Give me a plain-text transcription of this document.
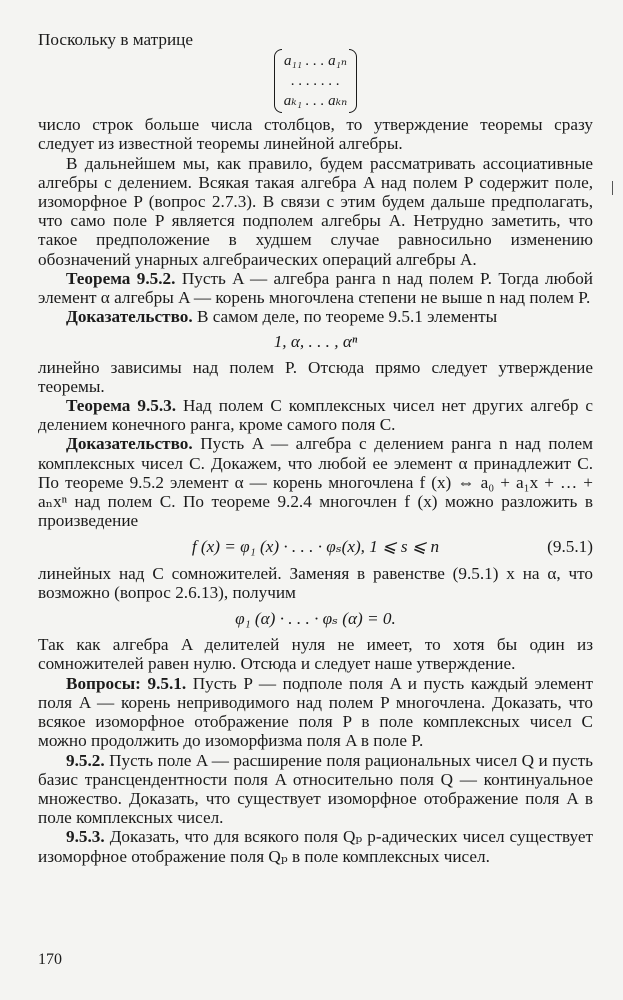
Поскольку в матрице

a₁₁ . . . a₁ₙ
. . . . . . .
aₖ₁ . . . aₖₙ

число строк больше числа столбцов, то утверждение теоремы сразу следует из известной теоремы линейной алгебры.

В дальнейшем мы, как правило, будем рассматривать ассоциативные алгебры с делением. Всякая такая алгебра A над полем P содержит поле, изоморфное P (вопрос 2.7.3). В связи с этим будем дальше предполагать, что само поле P является подполем алгебры A. Нетрудно заметить, что такое предположение в худшем случае равносильно изменению обозначений унарных алгебраических операций алгебры A.

Теорема 9.5.2. Пусть A — алгебра ранга n над полем P. Тогда любой элемент α алгебры A — корень многочлена степени не выше n над полем P.

Доказательство. В самом деле, по теореме 9.5.1 элементы

1, α, . . . , αⁿ

линейно зависимы над полем P. Отсюда прямо следует утверждение теоремы.

Теорема 9.5.3. Над полем C комплексных чисел нет других алгебр с делением конечного ранга, кроме самого поля C.

Доказательство. Пусть A — алгебра с делением ранга n над полем комплексных чисел C. Докажем, что любой ее элемент α принадлежит C. По теореме 9.5.2 элемент α — корень многочлена f (x) ⇔ a₀ + a₁x + … + aₙxⁿ над полем C. По теореме 9.2.4 многочлен f (x) можно разложить в произведение

f (x) = φ₁ (x) · . . . · φₛ(x), 1 ⩽ s ⩽ n	(9.5.1)

линейных над C сомножителей. Заменяя в равенстве (9.5.1) x на α, что возможно (вопрос 2.6.13), получим

φ₁ (α) · . . . · φₛ (α) = 0.

Так как алгебра A делителей нуля не имеет, то хотя бы один из сомножителей равен нулю. Отсюда и следует наше утверждение.

Вопросы: 9.5.1. Пусть P — подполе поля A и пусть каждый элемент поля A — корень неприводимого над полем P многочлена. Доказать, что всякое изоморфное отображение поля P в поле комплексных чисел C можно продолжить до изоморфизма поля A в поле P.

9.5.2. Пусть поле A — расширение поля рациональных чисел Q и пусть базис трансцендентности поля A относительно поля Q — континуальное множество. Доказать, что существует изоморфное отображение поля A в поле комплексных чисел.

9.5.3. Доказать, что для всякого поля Qₚ p-адических чисел существует изоморфное отображение поля Qₚ в поле комплексных чисел.

170
